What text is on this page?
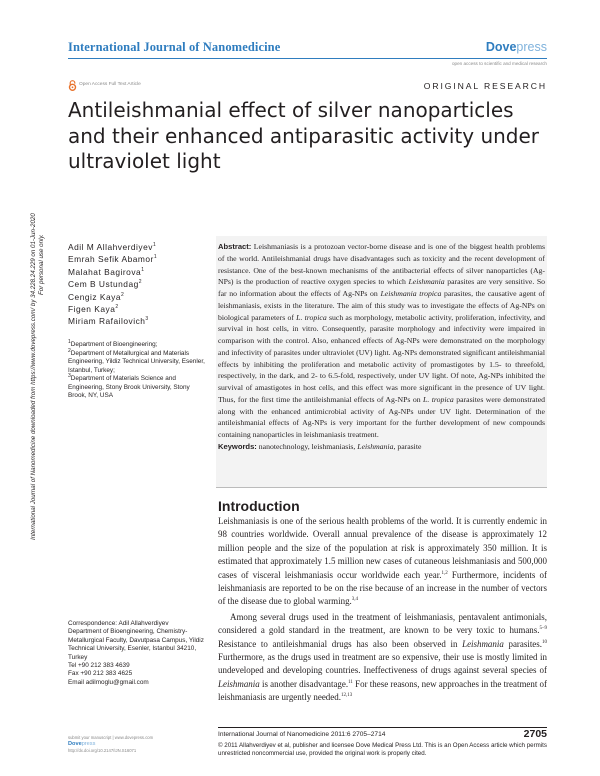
International Journal of Nanomedicine	Dovepress
open access to scientific and medical research
Open Access Full Text Article	ORIGINAL RESEARCH
Antileishmanial effect of silver nanoparticles and their enhanced antiparasitic activity under ultraviolet light
International Journal of Nanomedicine downloaded from https://www.dovepress.com/ by 34.228.24.229 on 01-Jun-2020 For personal use only.	Adil M Allahverdiyev$^1$
Emrah Sefik Abamor$^1$
Malahat Bagirova$^1$
Cem B Ustundag$^2$
Cengiz Kaya$^2$
Figen Kaya$^2$
Miriam Rafailovich$^3$
$^1$Department of Bioengineering;
$^2$Department of Metallurgical and Materials Engineering, Yildiz Technical University, Esenler, Istanbul, Turkey;
$^3$Department of Materials Science and Engineering, Stony Brook University, Stony Brook, NY, USA
Correspondence: Adil Allahverdiyev
Department of Bioengineering, Chemistry-Metallurgical Faculty, Davutpasa Campus, Yildiz Technical University, Esenler, Istanbul 34210, Turkey
Tel +90 212 383 4639
Fax +90 212 383 4625
Email adilmoglu@gmail.com
submit your manuscript | www.dovepress.com
Dovepress
http://dx.doi.org/10.2147/IJN.S16071

Abstract: Leishmaniasis is a protozoan vector-borne disease and is one of the biggest health problems of the world. Antileishmanial drugs have disadvantages such as toxicity and the recent development of resistance. One of the best-known mechanisms of the antibacterial effects of silver nanoparticles (Ag-NPs) is the production of reactive oxygen species to which Leishmania parasites are very sensitive. So far no information about the effects of Ag-NPs on Leishmania tropica parasites, the causative agent of leishmaniasis, exists in the literature. The aim of this study was to investigate the effects of Ag-NPs on biological parameters of L. tropica such as morphology, metabolic activity, proliferation, infectivity, and survival in host cells, in vitro. Consequently, parasite morphology and infectivity were impaired in comparison with the control. Also, enhanced effects of Ag-NPs were demonstrated on the morphology and infectivity of parasites under ultraviolet (UV) light. Ag-NPs demonstrated significant antileishmanial effects by inhibiting the proliferation and metabolic activity of promastigotes by 1.5- to threefold, respectively, in the dark, and 2- to 6.5-fold, respectively, under UV light. Of note, Ag-NPs inhibited the survival of amastigotes in host cells, and this effect was more significant in the presence of UV light. Thus, for the first time the antileishmanial effects of Ag-NPs on L. tropica parasites were demonstrated along with the enhanced antimicrobial activity of Ag-NPs under UV light. Determination of the antileishmanial effects of Ag-NPs is very important for the further development of new compounds containing nanoparticles in leishmaniasis treatment.

Keywords: nanotechnology, leishmaniasis, Leishmania, parasite

Introduction

Leishmaniasis is one of the serious health problems of the world. It is currently endemic in 98 countries worldwide. Overall annual prevalence of the disease is approximately 12 million people and the size of the population at risk is approximately 350 million. It is estimated that approximately 1.5 million new cases of cutaneous leishmaniasis and 500,000 cases of visceral leishmaniasis occur worldwide each year.$^{1,2}$ Furthermore, incidents of leishmaniasis are reported to be on the rise because of an increase in the number of vectors of the disease due to global warming.$^{3,4}$

Among several drugs used in the treatment of leishmaniasis, pentavalent antimonials, considered a gold standard in the treatment, are known to be very toxic to humans.$^{5-9}$ Resistance to antileishmanial drugs has also been observed in Leishmania parasites.$^{10}$ Furthermore, as the drugs used in treatment are so expensive, their use is mostly limited in undeveloped and developing countries. Ineffectiveness of drugs against several species of Leishmania is another disadvantage.$^{11}$ For these reasons, new approaches in the treatment of leishmaniasis are urgently needed.$^{12,13}$

International Journal of Nanomedicine 2011:6 2705–2714	2705
© 2011 Allahverdiyev et al, publisher and licensee Dove Medical Press Ltd. This is an Open Access article which permits unrestricted noncommercial use, provided the original work is properly cited.
